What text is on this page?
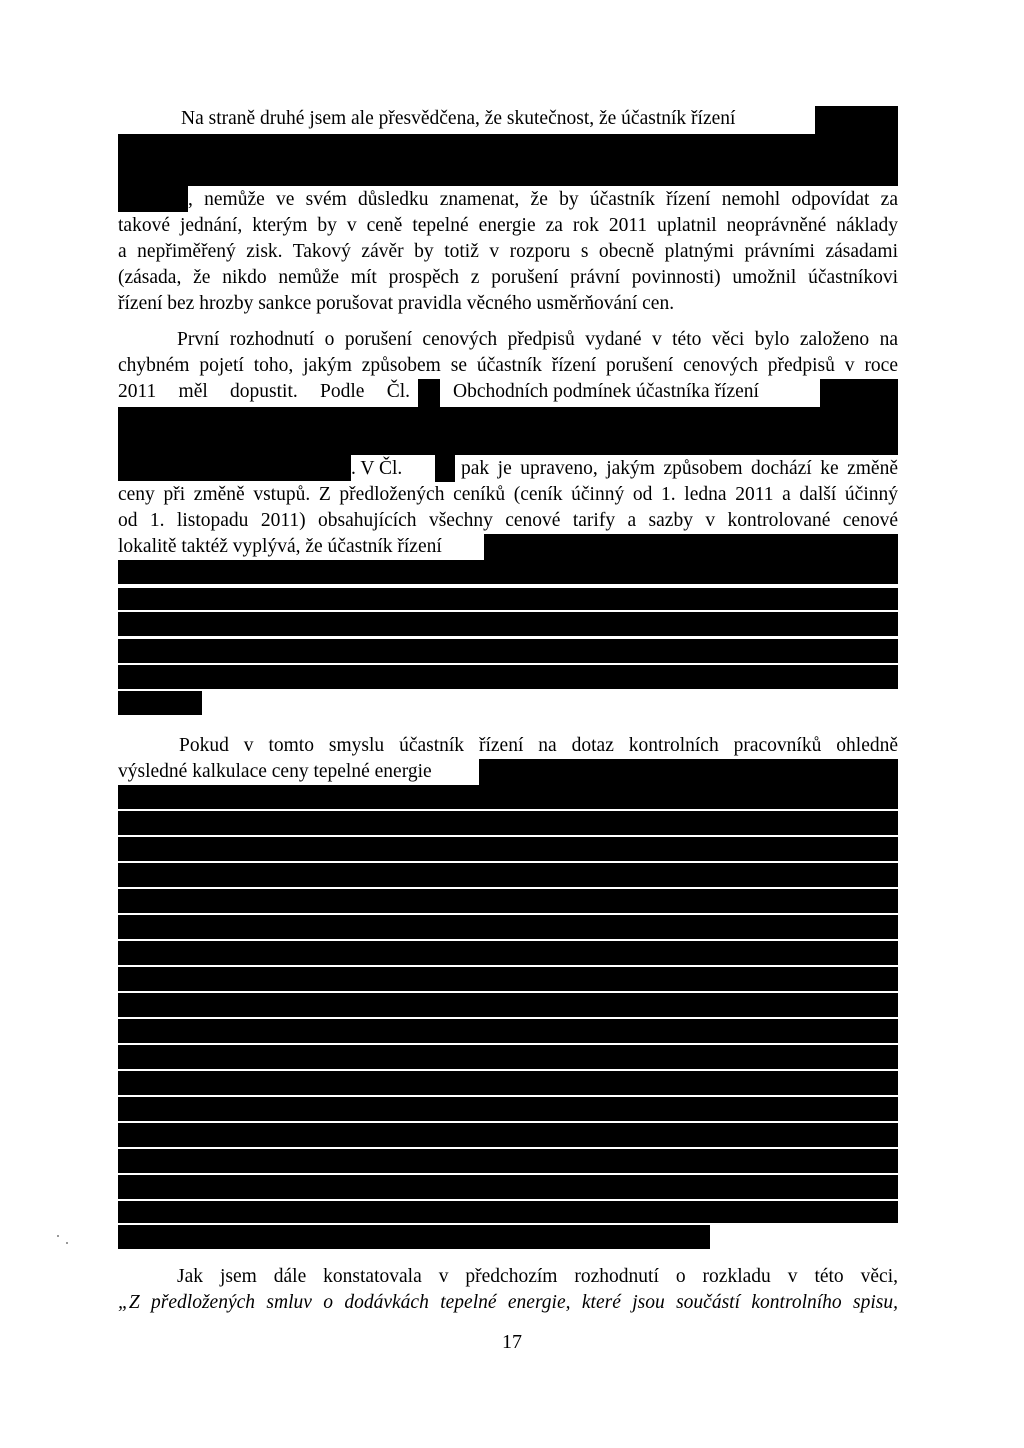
Na straně druhé jsem ale přesvědčena, že skutečnost, že účastník řízení
, nemůže ve svém důsledku znamenat, že by účastník řízení nemohl odpovídat za
takové jednání, kterým by v ceně tepelné energie za rok 2011 uplatnil neoprávněné náklady
a nepřiměřený zisk. Takový závěr by totiž v rozporu s obecně platnými právními zásadami
(zásada, že nikdo nemůže mít prospěch z porušení právní povinnosti) umožnil účastníkovi
řízení bez hrozby sankce porušovat pravidla věcného usměrňování cen.
První rozhodnutí o porušení cenových předpisů vydané v této věci bylo založeno na
chybném pojetí toho, jakým způsobem se účastník řízení porušení cenových předpisů v roce
2011 měl dopustit. Podle Čl. Obchodních podmínek účastníka řízení
. V Čl.	pak je upraveno, jakým způsobem dochází ke změně
ceny při změně vstupů. Z předložených ceníků (ceník účinný od 1. ledna 2011 a další účinný
od 1. listopadu 2011) obsahujících všechny cenové tarify a sazby v kontrolované cenové
lokalitě taktéž vyplývá, že účastník řízení
Pokud v tomto smyslu účastník řízení na dotaz kontrolních pracovníků ohledně
výsledné kalkulace ceny tepelné energie
Jak jsem dále konstatovala v předchozím rozhodnutí o rozkladu v této věci,
„Z předložených smluv o dodávkách tepelné energie, které jsou součástí kontrolního spisu,
17
